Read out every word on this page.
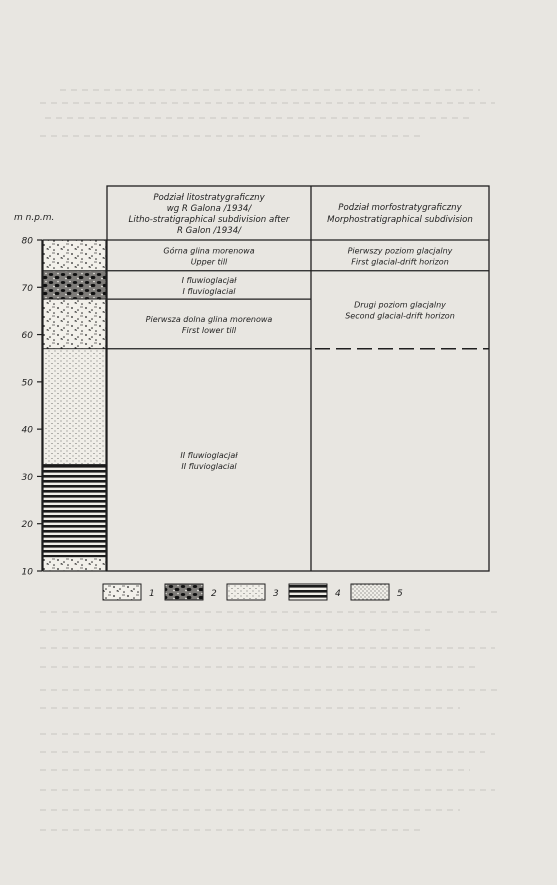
m n.p.m.
80
70
60
50
40
30
20
10
Podział litostratygraficzny
wg R Galona /1934/
Litho-stratigraphical subdivision after
R Galon /1934/
Podział morfostratygraficzny
Morphostratigraphical subdivision
Górna glina morenowa
Upper till
I fluwioglacjał
I fluvioglacial
Pierwsza dolna glina morenowa
First lower till
II fluwioglacjał
II fluvioglacial
Pierwszy poziom glacjalny
First glacial-drift horizon
Drugi poziom glacjalny
Second glacial-drift horizon
1	2	3	4	5
